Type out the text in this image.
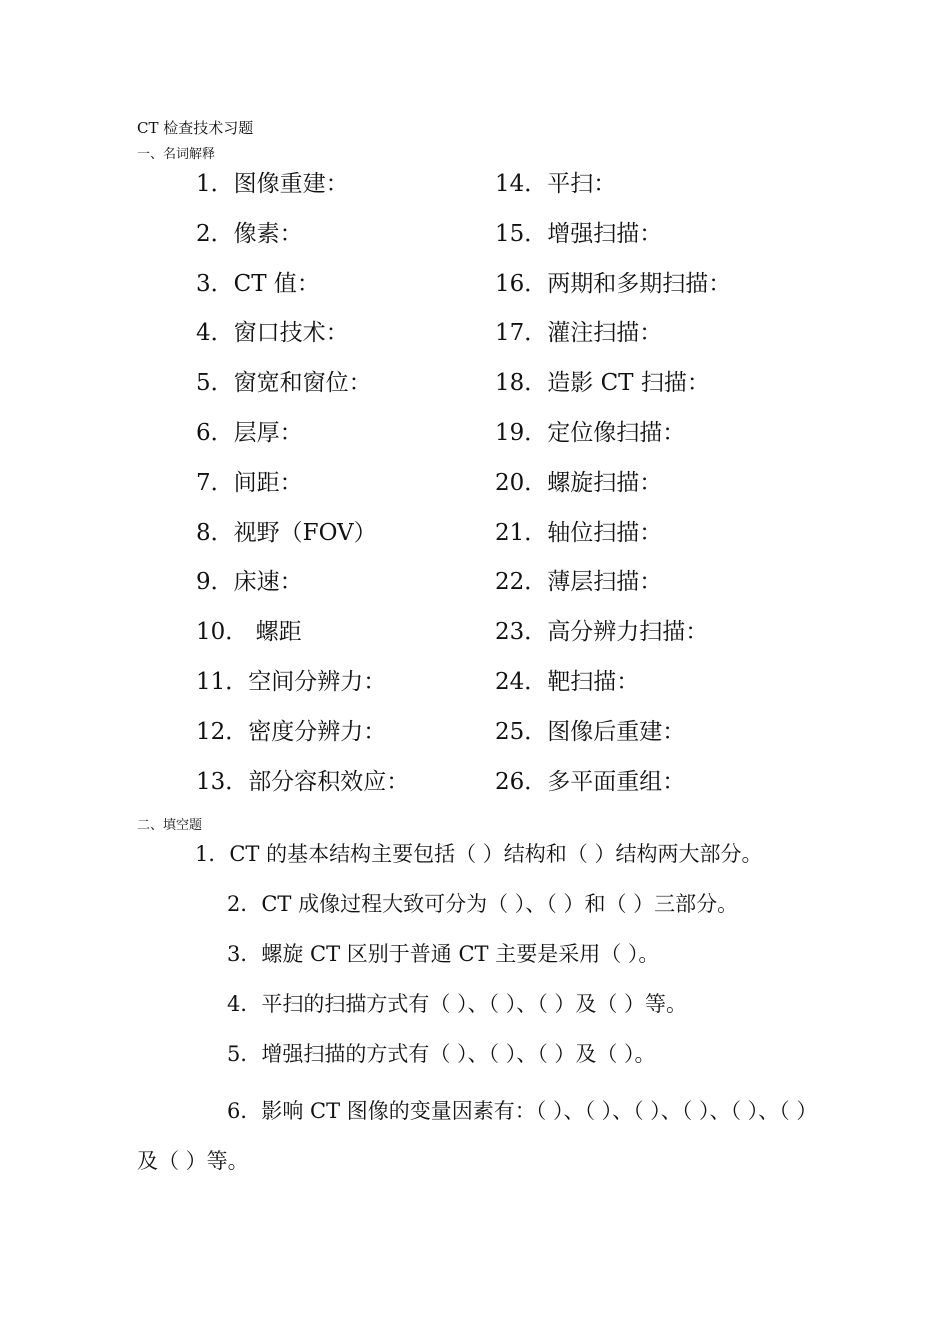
CT 检查技术习题
一、名词解释
1．图像重建：
2．像素：
3．CT 值：
4．窗口技术：
5．窗宽和窗位：
6．层厚：
7．间距：
8．视野（FOV）
9．床速：
10． 螺距
11．空间分辨力：
12．密度分辨力：
13．部分容积效应：
14．平扫：
15．增强扫描：
16．两期和多期扫描：
17．灌注扫描：
18．造影 CT 扫描：
19．定位像扫描：
20．螺旋扫描：
21．轴位扫描：
22．薄层扫描：
23．高分辨力扫描：
24．靶扫描：
25．图像后重建：
26．多平面重组：
二、填空题
1．CT 的基本结构主要包括（ ）结构和（ ）结构两大部分。
2．CT 成像过程大致可分为（ ）、（ ）和（ ）三部分。
3．螺旋 CT 区别于普通 CT 主要是采用（ ）。
4．平扫的扫描方式有（ ）、（ ）、（ ）及（ ）等。
5．增强扫描的方式有（ ）、（ ）、（ ）及（ ）。
6．影响 CT 图像的变量因素有：（ ）、（ ）、（ ）、（ ）、（ ）、（ ）及（ ）等。
